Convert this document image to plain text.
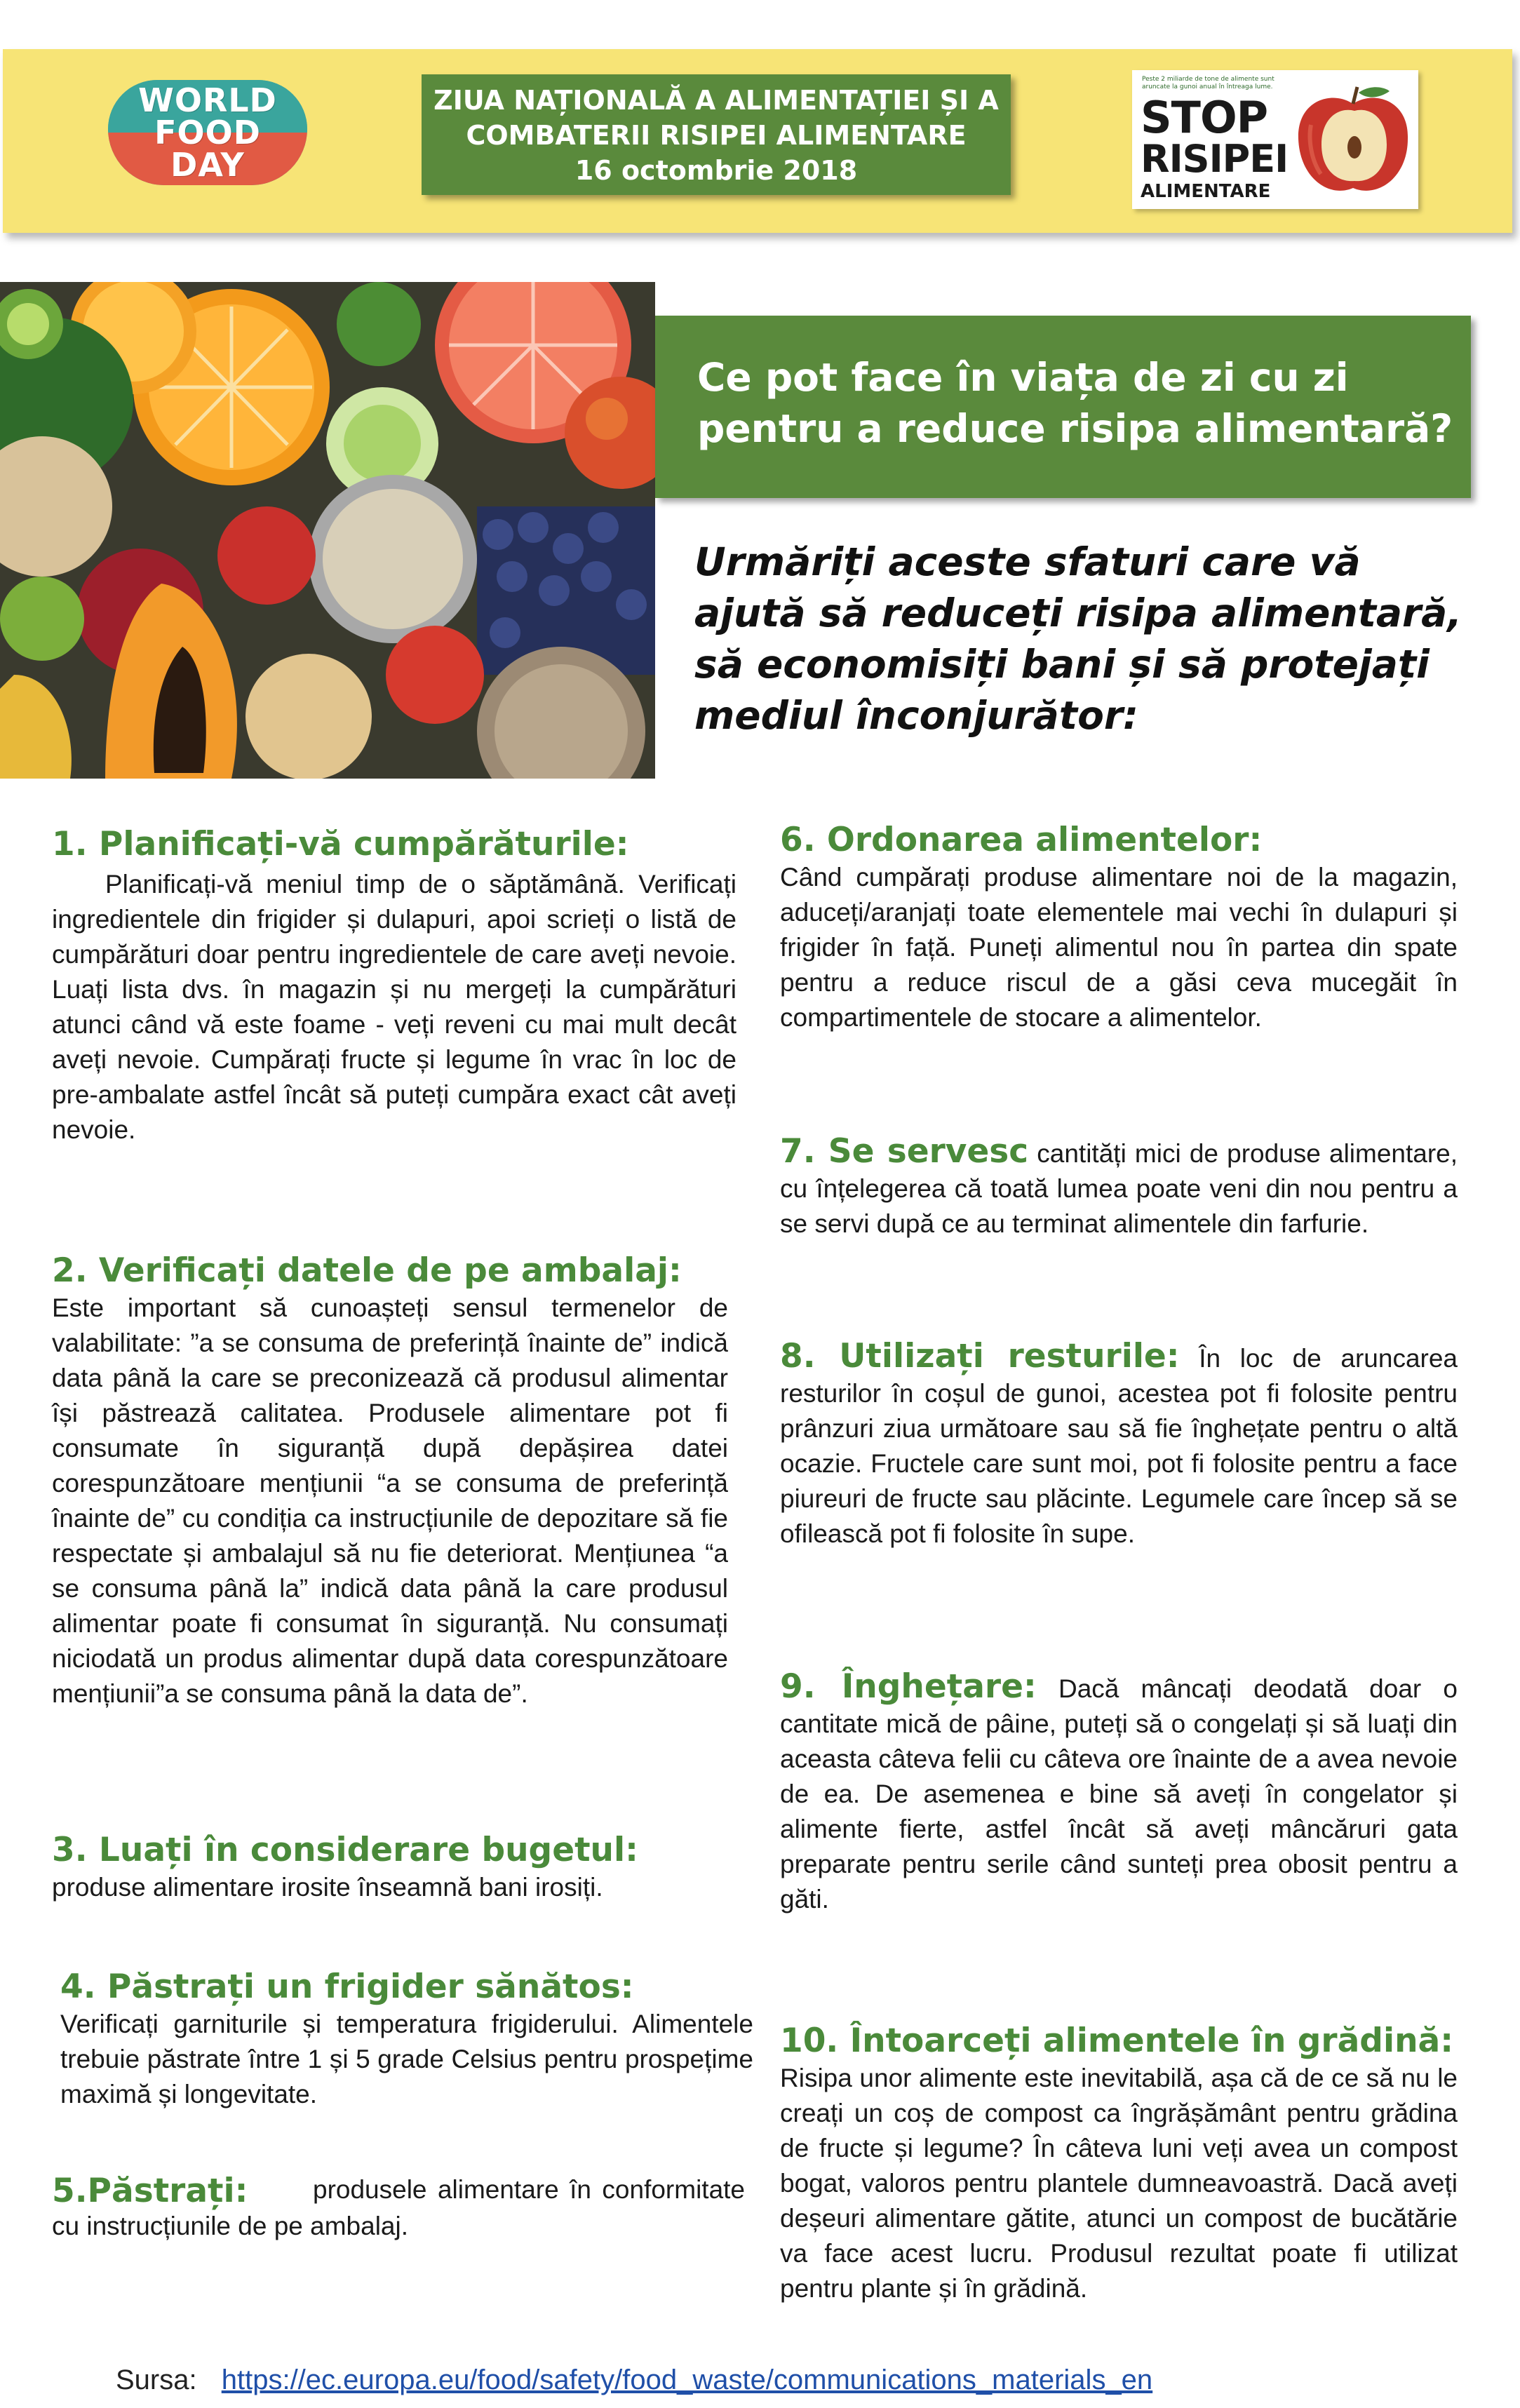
WORLD
FOOD
DAY
ZIUA NAȚIONALĂ A ALIMENTAȚIEI ȘI A
COMBATERII RISIPEI ALIMENTARE
16 octombrie 2018
Peste 2 miliarde de tone de alimente sunt aruncate la gunoi anual în întreaga lume.
STOP
RISIPEI
ALIMENTARE
Ce pot face în viața de zi cu zi
pentru a reduce risipa alimentară?
Urmăriți aceste sfaturi care vă
ajută să reduceți risipa alimentară,
să economisiți bani și să protejați
mediul înconjurător:
1. Planificați-vă cumpărăturile:
Planificați-vă meniul timp de o săptămână. Verificați ingredientele din frigider și dulapuri, apoi scrieți o listă de cumpărături doar pentru ingredientele de care aveți nevoie. Luați lista dvs. în magazin și nu mergeți la cumpărături atunci când vă este foame - veți reveni cu mai mult decât aveți nevoie. Cumpărați fructe și legume în vrac în loc de pre-ambalate astfel încât să puteți cumpăra exact cât aveți nevoie.
2. Verificați datele de pe ambalaj:
Este important să cunoașteți sensul termenelor de valabilitate: ”a se consuma de preferință înainte de” indică data până la care se preconizează că produsul alimentar își păstrează calitatea. Produsele alimentare pot fi consumate în siguranță după depășirea datei corespunzătoare mențiunii “a se consuma de preferință înainte de” cu condiția ca instrucțiunile de depozitare să fie respectate și ambalajul să nu fie deteriorat. Mențiunea “a se consuma până la” indică data până la care produsul alimentar poate fi consumat în siguranță. Nu consumați niciodată un produs alimentar după data corespunzătoare mențiunii”a se consuma până la data de”.
3. Luați în considerare bugetul:
produse alimentare irosite înseamnă bani irosiți.
4. Păstrați un frigider sănătos:
Verificați garniturile și temperatura frigiderului. Alimentele trebuie păstrate între 1 și 5 grade Celsius pentru prospețime maximă și longevitate.
5.Păstrați:	produsele alimentare în conformitate cu instrucțiunile de pe ambalaj.
6. Ordonarea alimentelor:
Când cumpărați produse alimentare noi de la magazin, aduceți/aranjați toate elementele mai vechi în dulapuri și frigider în față. Puneți alimentul nou în partea din spate pentru a reduce riscul de a găsi ceva mucegăit în compartimentele de stocare a alimentelor.
7. Se servesc cantități mici de produse alimentare, cu înțelegerea că toată lumea poate veni din nou pentru a se servi după ce au terminat alimentele din farfurie.
8. Utilizați resturile: În loc de aruncarea resturilor în coșul de gunoi, acestea pot fi folosite pentru prânzuri ziua următoare sau să fie înghețate pentru o altă ocazie. Fructele care sunt moi, pot fi folosite pentru a face piureuri de fructe sau plăcinte. Legumele care încep să se ofilească pot fi folosite în supe.
9. Înghețare: Dacă mâncați deodată doar o cantitate mică de pâine, puteți să o congelați și să luați din aceasta câteva felii cu câteva ore înainte de a avea nevoie de ea. De asemenea e bine să aveți în congelator și alimente fierte, astfel încât să aveți mâncăruri gata preparate pentru serile când sunteți prea obosit pentru a găti.
10. Întoarceți alimentele în grădină:
Risipa unor alimente este inevitabilă, așa că de ce să nu le creați un coș de compost ca îngrășământ pentru grădina de fructe și legume? În câteva luni veți avea un compost bogat, valoros pentru plantele dumneavoastră. Dacă aveți deșeuri alimentare gătite, atunci un compost de bucătărie va face acest lucru. Produsul rezultat poate fi utilizat pentru plante și în grădină.
Sursa: https://ec.europa.eu/food/safety/food_waste/communications_materials_en
